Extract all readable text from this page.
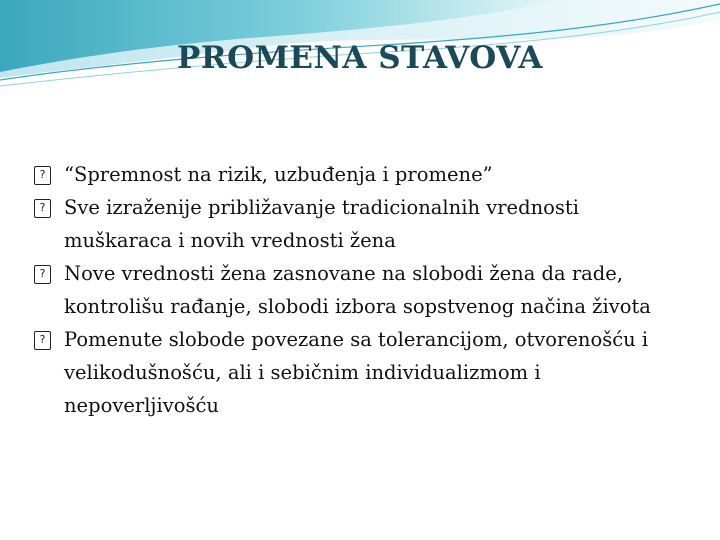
PROMENA STAVOVA
? “Spremnost na rizik, uzbuđenja i promene”
? Sve izraženije približavanje tradicionalnih vrednosti muškaraca i novih vrednosti žena
? Nove vrednosti žena zasnovane na slobodi žena da rade, kontrolišu rađanje, slobodi izbora sopstvenog načina života
? Pomenute slobode povezane sa tolerancijom, otvorenošću i velikodušnošću, ali i sebičnim individualizmom i nepoverljivošću
